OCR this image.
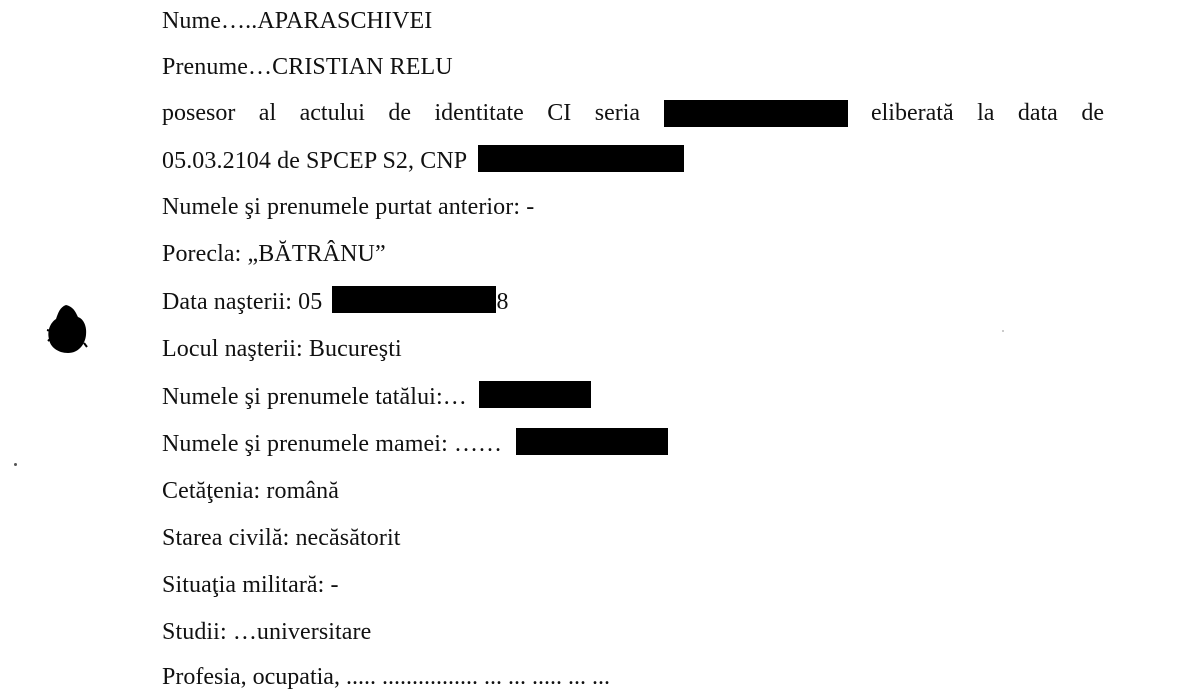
Nume…..APARASCHIVEI
Prenume…CRISTIAN RELU
posesor al actului de identitate CI seria	eliberată la data de
05.03.2104 de SPCEP S2, CNP
Numele şi prenumele purtat anterior: -
Porecla: „BĂTRÂNU”
Data naşterii: 05	8
Locul naşterii: Bucureşti
Numele şi prenumele tatălui:…
Numele şi prenumele mamei: ……
Cetăţenia: română
Starea civilă: necăsătorit
Situaţia militară: -
Studii: …universitare
Profesia, ocupatia, ..... ................ ... ... ..... ... ...
